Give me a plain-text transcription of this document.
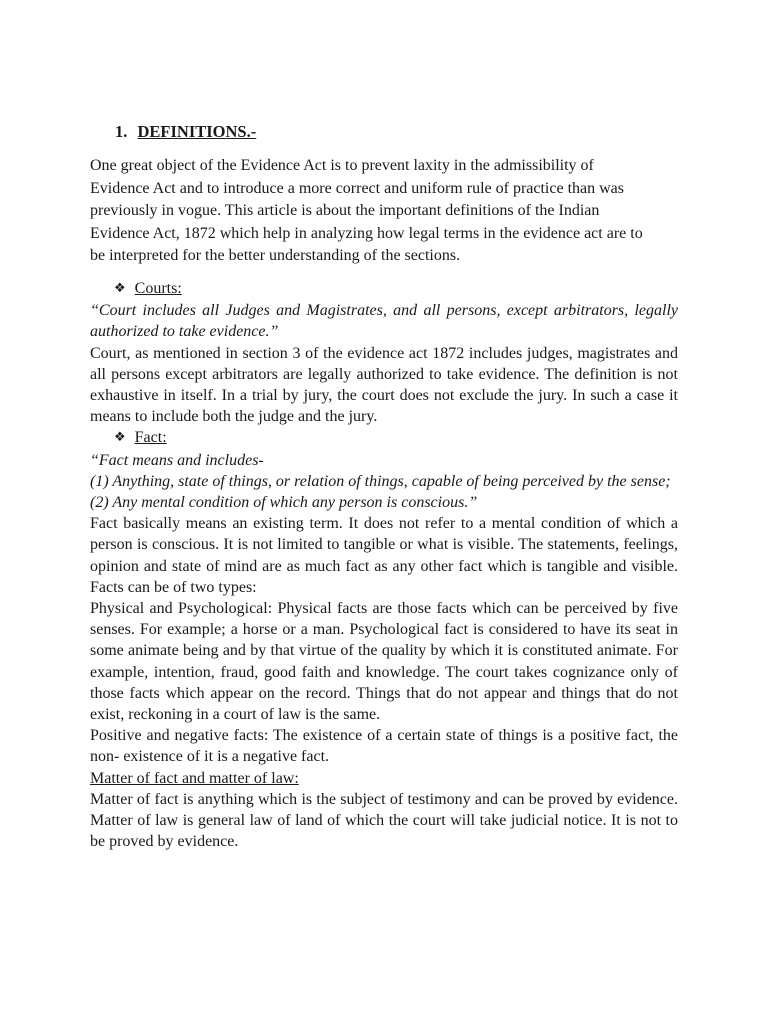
1. DEFINITIONS.-

One great object of the Evidence Act is to prevent laxity in the admissibility of Evidence Act and to introduce a more correct and uniform rule of practice than was previously in vogue. This article is about the important definitions of the Indian Evidence Act, 1872 which help in analyzing how legal terms in the evidence act are to be interpreted for the better understanding of the sections.

❖ Courts:

“Court includes all Judges and Magistrates, and all persons, except arbitrators, legally authorized to take evidence.”

Court, as mentioned in section 3 of the evidence act 1872 includes judges, magistrates and all persons except arbitrators are legally authorized to take evidence. The definition is not exhaustive in itself. In a trial by jury, the court does not exclude the jury. In such a case it means to include both the judge and the jury.

❖ Fact:

“Fact means and includes-

(1) Anything, state of things, or relation of things, capable of being perceived by the sense;

(2) Any mental condition of which any person is conscious.”

Fact basically means an existing term. It does not refer to a mental condition of which a person is conscious. It is not limited to tangible or what is visible. The statements, feelings, opinion and state of mind are as much fact as any other fact which is tangible and visible. Facts can be of two types:

Physical and Psychological: Physical facts are those facts which can be perceived by five senses. For example; a horse or a man. Psychological fact is considered to have its seat in some animate being and by that virtue of the quality by which it is constituted animate. For example, intention, fraud, good faith and knowledge. The court takes cognizance only of those facts which appear on the record. Things that do not appear and things that do not exist, reckoning in a court of law is the same.

Positive and negative facts: The existence of a certain state of things is a positive fact, the non- existence of it is a negative fact.

Matter of fact and matter of law:

Matter of fact is anything which is the subject of testimony and can be proved by evidence. Matter of law is general law of land of which the court will take judicial notice. It is not to be proved by evidence.
